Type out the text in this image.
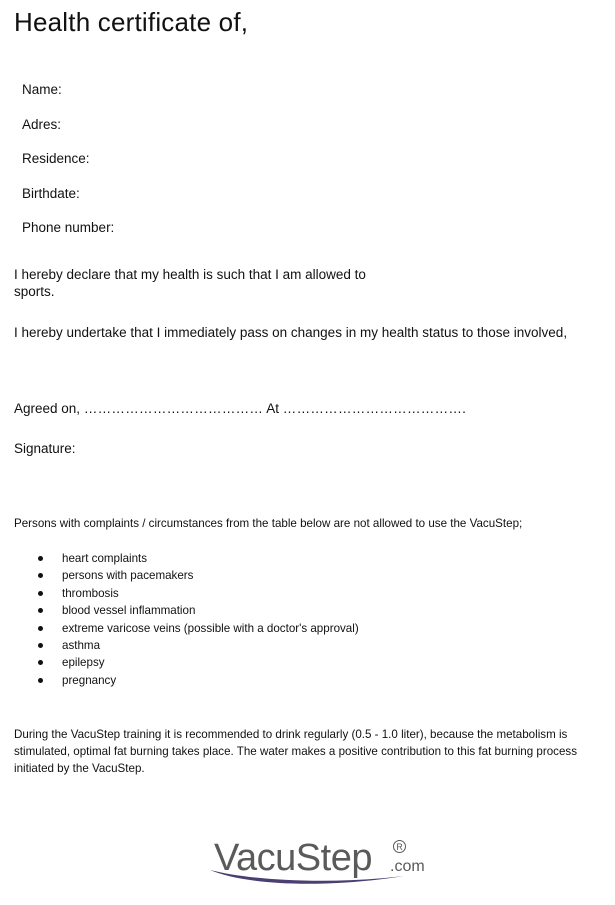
Health certificate of,
Name:
Adres:
Residence:
Birthdate:
Phone number:

I hereby declare that my health is such that I am allowed to sports.

I hereby undertake that I immediately pass on changes in my health status to those involved,

Agreed on, ………………………………… At ………………………………….
Signature:

Persons with complaints / circumstances from the table below are not allowed to use the VacuStep;

heart complaints
persons with pacemakers
thrombosis
blood vessel inflammation
extreme varicose veins (possible with a doctor's approval)
asthma
epilepsy
pregnancy

During the VacuStep training it is recommended to drink regularly (0.5 - 1.0 liter), because the metabolism is stimulated, optimal fat burning takes place. The water makes a positive contribution to this fat burning process initiated by the VacuStep.

VacuStep	R
.com
